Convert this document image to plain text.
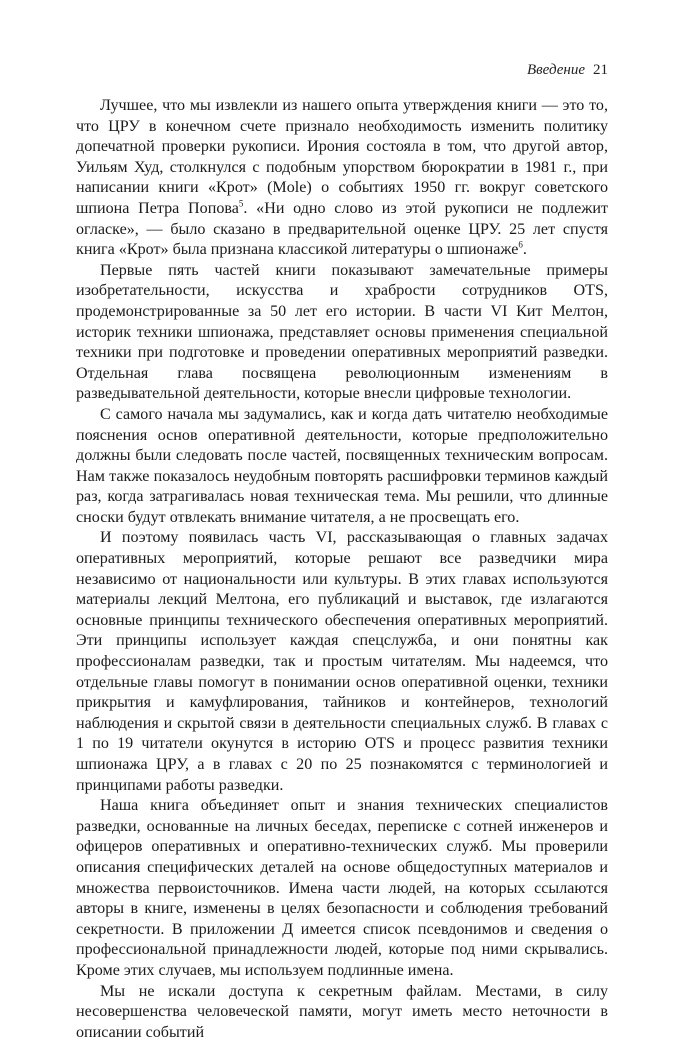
Введение 21

Лучшее, что мы извлекли из нашего опыта утверждения книги — это то, что ЦРУ в конечном счете признало необходимость изменить политику допечатной проверки рукописи. Ирония состояла в том, что другой автор, Уильям Худ, столкнулся с подобным упорством бюрократии в 1981 г., при написании книги «Крот» (Mole) о событиях 1950 гг. вокруг советского шпиона Петра Попова$^5$. «Ни одно слово из этой рукописи не подлежит огласке», — было сказано в предварительной оценке ЦРУ. 25 лет спустя книга «Крот» была признана классикой литературы о шпионаже$^6$.

Первые пять частей книги показывают замечательные примеры изобретательности, искусства и храбрости сотрудников OTS, продемонстрированные за 50 лет его истории. В части VI Кит Мелтон, историк техники шпионажа, представляет основы применения специальной техники при подготовке и проведении оперативных мероприятий разведки. Отдельная глава посвящена революционным изменениям в разведывательной деятельности, которые внесли цифровые технологии.

С самого начала мы задумались, как и когда дать читателю необходимые пояснения основ оперативной деятельности, которые предположительно должны были следовать после частей, посвященных техническим вопросам. Нам также показалось неудобным повторять расшифровки терминов каждый раз, когда затрагивалась новая техническая тема. Мы решили, что длинные сноски будут отвлекать внимание читателя, а не просвещать его.

И поэтому появилась часть VI, рассказывающая о главных задачах оперативных мероприятий, которые решают все разведчики мира независимо от национальности или культуры. В этих главах используются материалы лекций Мелтона, его публикаций и выставок, где излагаются основные принципы технического обеспечения оперативных мероприятий. Эти принципы использует каждая спецслужба, и они понятны как профессионалам разведки, так и простым читателям. Мы надеемся, что отдельные главы помогут в понимании основ оперативной оценки, техники прикрытия и камуфлирования, тайников и контейнеров, технологий наблюдения и скрытой связи в деятельности специальных служб. В главах с 1 по 19 читатели окунутся в историю OTS и процесс развития техники шпионажа ЦРУ, а в главах с 20 по 25 познакомятся с терминологией и принципами работы разведки.

Наша книга объединяет опыт и знания технических специалистов разведки, основанные на личных беседах, переписке с сотней инженеров и офицеров оперативных и оперативно-технических служб. Мы проверили описания специфических деталей на основе общедоступных материалов и множества первоисточников. Имена части людей, на которых ссылаются авторы в книге, изменены в целях безопасности и соблюдения требований секретности. В приложении Д имеется список псевдонимов и сведения о профессиональной принадлежности людей, которые под ними скрывались. Кроме этих случаев, мы используем подлинные имена.

Мы не искали доступа к секретным файлам. Местами, в силу несовершенства человеческой памяти, могут иметь место неточности в описании событий
